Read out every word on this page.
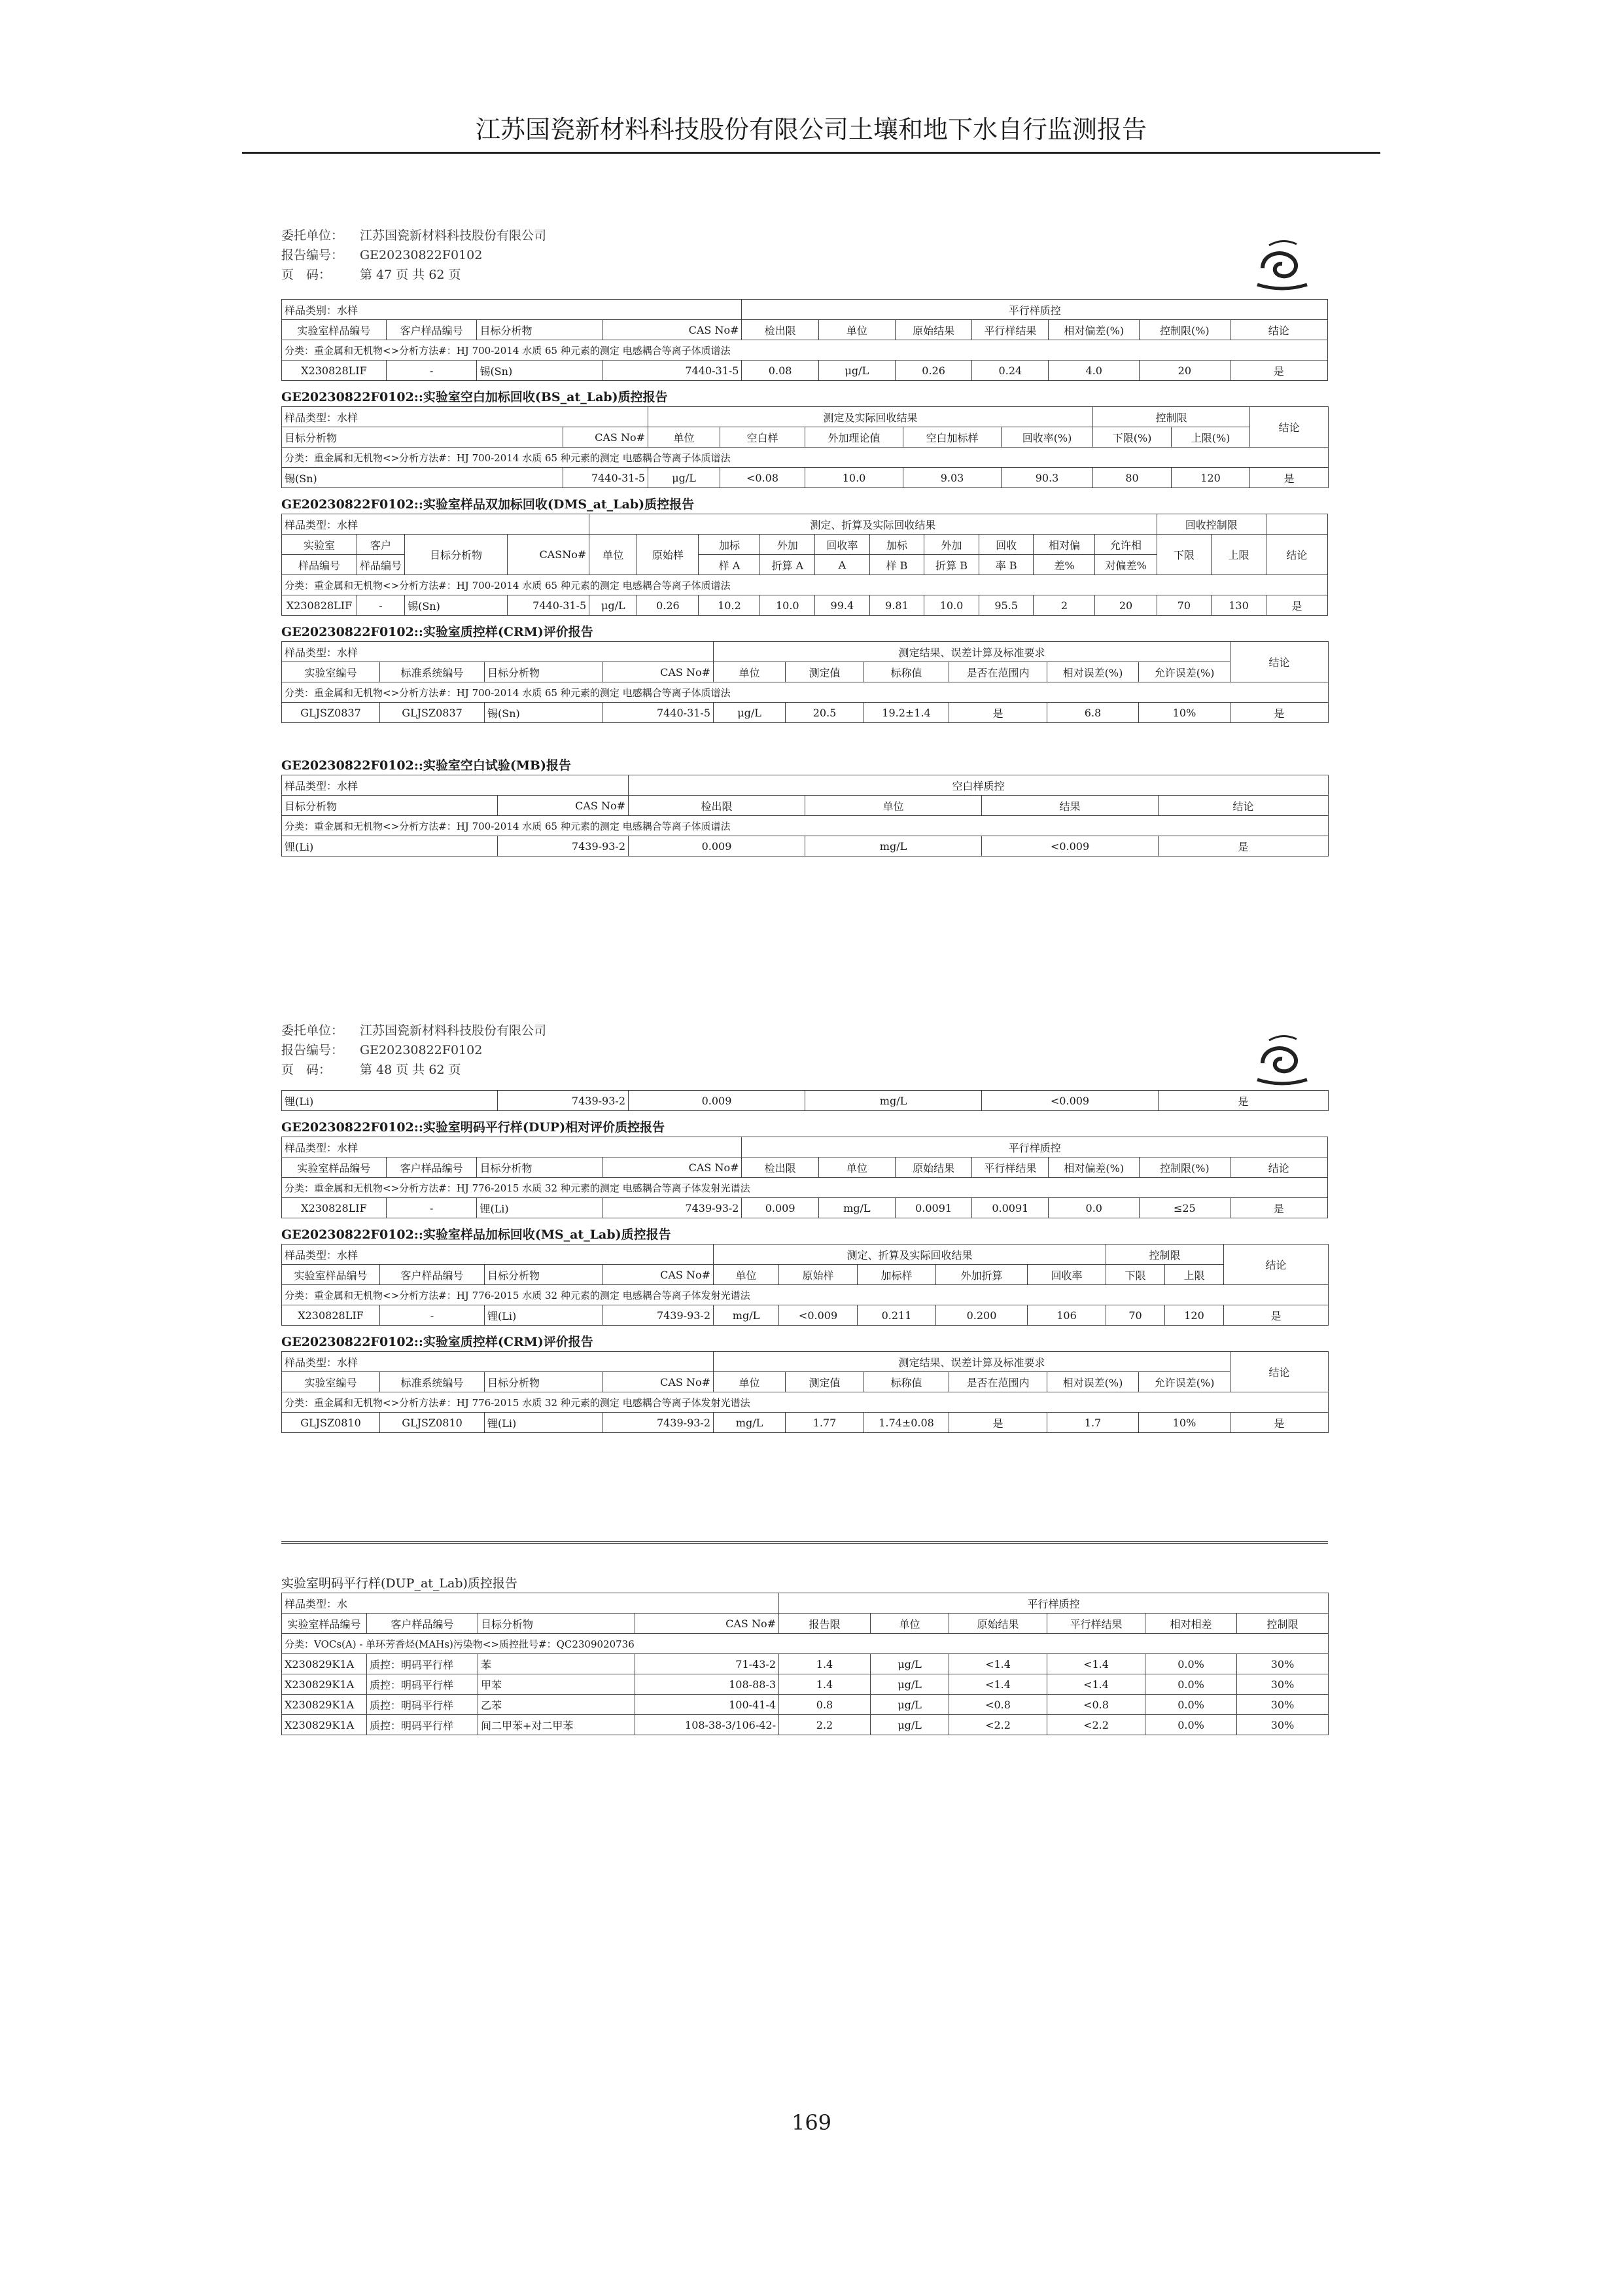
江苏国瓷新材料科技股份有限公司土壤和地下水自行监测报告
委托单位： 江苏国瓷新材料科技股份有限公司
报告编号： GE20230822F0102
页　码： 第 47 页 共 62 页
样品类别：水样				平行样质控						
实验室样品编号	客户样品编号	目标分析物	CAS No#	检出限	单位	原始结果	平行样结果	相对偏差(%)	控制限(%)	结论
分类：重金属和无机物<>分析方法#：HJ 700-2014 水质 65 种元素的测定 电感耦合等离子体质谱法										
X230828LIF	-	锡(Sn)	7440-31-5	0.08	μg/L	0.26	0.24	4.0	20	是
GE20230822F0102::实验室空白加标回收(BS_at_Lab)质控报告
样品类型：水样		测定及实际回收结果					控制限		结论
目标分析物	CAS No#	单位	空白样	外加理论值	空白加标样	回收率(%)	下限(%)	上限(%)	
分类：重金属和无机物<>分析方法#：HJ 700-2014 水质 65 种元素的测定 电感耦合等离子体质谱法									
锡(Sn)	7440-31-5	μg/L	<0.08	10.0	9.03	90.3	80	120	是
GE20230822F0102::实验室样品双加标回收(DMS_at_Lab)质控报告
样品类型：水样				测定、折算及实际回收结果										回收控制限		
实验室	客户	目标分析物	CASNo#	单位	原始样	加标	外加	回收率	加标	外加	回收	相对偏	允许相	下限	上限	结论
样品编号	样品编号					样 A	折算 A	A	样 B	折算 B	率 B	差%	对偏差%			
分类：重金属和无机物<>分析方法#：HJ 700-2014 水质 65 种元素的测定 电感耦合等离子体质谱法																
X230828LIF	-	锡(Sn)	7440-31-5	μg/L	0.26	10.2	10.0	99.4	9.81	10.0	95.5	2	20	70	130	是
GE20230822F0102::实验室质控样(CRM)评价报告
样品类型：水样				测定结果、误差计算及标准要求						结论
实验室编号	标准系统编号	目标分析物	CAS No#	单位	测定值	标称值	是否在范围内	相对误差(%)	允许误差(%)	
分类：重金属和无机物<>分析方法#：HJ 700-2014 水质 65 种元素的测定 电感耦合等离子体质谱法										
GLJSZ0837	GLJSZ0837	锡(Sn)	7440-31-5	μg/L	20.5	19.2±1.4	是	6.8	10%	是
GE20230822F0102::实验室空白试验(MB)报告
样品类型：水样		空白样质控			
目标分析物	CAS No#	检出限	单位	结果	结论
分类：重金属和无机物<>分析方法#：HJ 700-2014 水质 65 种元素的测定 电感耦合等离子体质谱法					
锂(Li)	7439-93-2	0.009	mg/L	<0.009	是
委托单位： 江苏国瓷新材料科技股份有限公司
报告编号： GE20230822F0102
页　码： 第 48 页 共 62 页
锂(Li)	7439-93-2	0.009	mg/L	<0.009	是
GE20230822F0102::实验室明码平行样(DUP)相对评价质控报告
样品类型：水样				平行样质控						
实验室样品编号	客户样品编号	目标分析物	CAS No#	检出限	单位	原始结果	平行样结果	相对偏差(%)	控制限(%)	结论
分类：重金属和无机物<>分析方法#：HJ 776-2015 水质 32 种元素的测定 电感耦合等离子体发射光谱法										
X230828LIF	-	锂(Li)	7439-93-2	0.009	mg/L	0.0091	0.0091	0.0	≤25	是
GE20230822F0102::实验室样品加标回收(MS_at_Lab)质控报告
样品类型：水样				测定、折算及实际回收结果					控制限		结论
实验室样品编号	客户样品编号	目标分析物	CAS No#	单位	原始样	加标样	外加折算	回收率	下限	上限	
分类：重金属和无机物<>分析方法#：HJ 776-2015 水质 32 种元素的测定 电感耦合等离子体发射光谱法											
X230828LIF	-	锂(Li)	7439-93-2	mg/L	<0.009	0.211	0.200	106	70	120	是
GE20230822F0102::实验室质控样(CRM)评价报告
样品类型：水样				测定结果、误差计算及标准要求						结论
实验室编号	标准系统编号	目标分析物	CAS No#	单位	测定值	标称值	是否在范围内	相对误差(%)	允许误差(%)	
分类：重金属和无机物<>分析方法#：HJ 776-2015 水质 32 种元素的测定 电感耦合等离子体发射光谱法										
GLJSZ0810	GLJSZ0810	锂(Li)	7439-93-2	mg/L	1.77	1.74±0.08	是	1.7	10%	是
实验室明码平行样(DUP_at_Lab)质控报告
样品类型：水				平行样质控					
实验室样品编号	客户样品编号	目标分析物	CAS No#	报告限	单位	原始结果	平行样结果	相对相差	控制限
分类：VOCs(A) - 单环芳香烃(MAHs)污染物<>质控批号#：QC2309020736									
X230829K1A	质控：明码平行样	苯	71-43-2	1.4	μg/L	<1.4	<1.4	0.0%	30%
X230829K1A	质控：明码平行样	甲苯	108-88-3	1.4	μg/L	<1.4	<1.4	0.0%	30%
X230829K1A	质控：明码平行样	乙苯	100-41-4	0.8	μg/L	<0.8	<0.8	0.0%	30%
X230829K1A	质控：明码平行样	间二甲苯+对二甲苯	108-38-3/106-42-	2.2	μg/L	<2.2	<2.2	0.0%	30%
169
